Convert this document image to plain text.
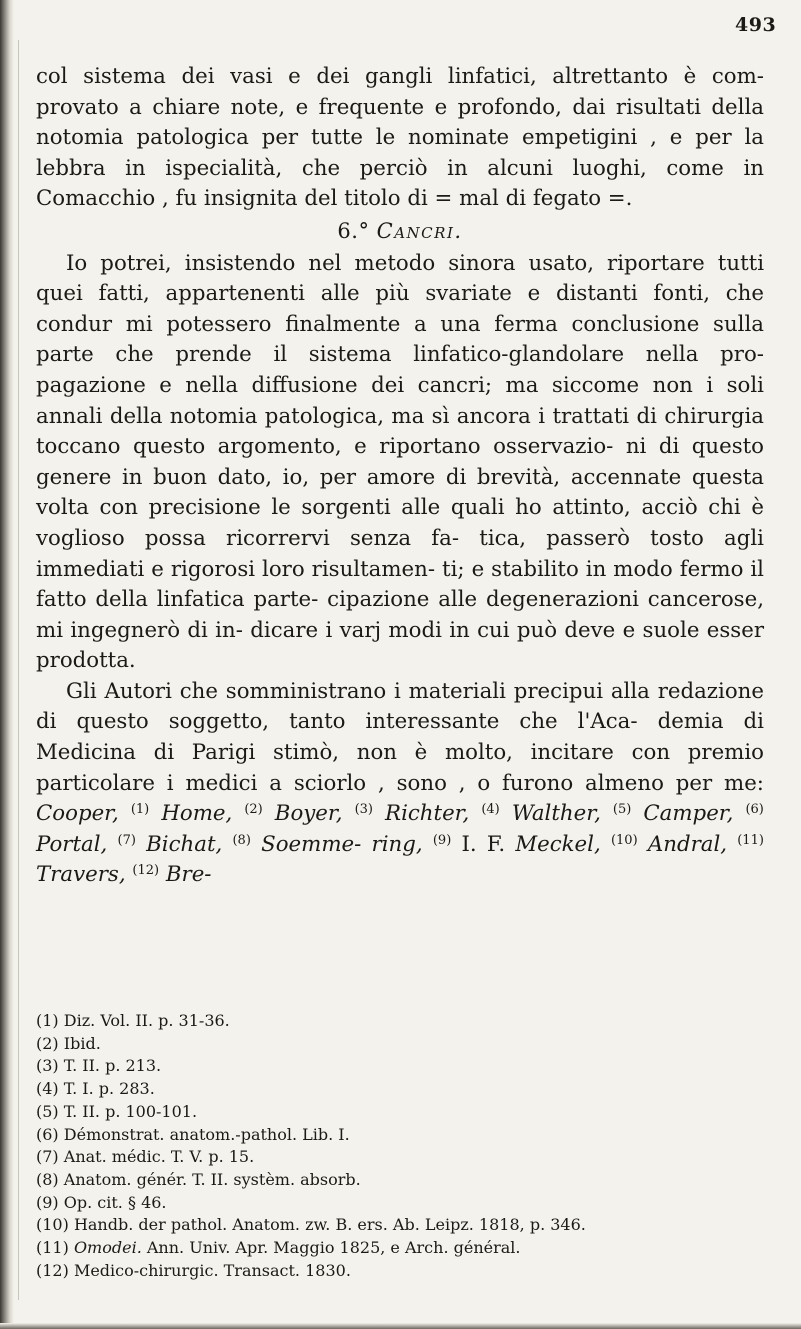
493

col sistema dei vasi e dei gangli linfatici, altrettanto è com- provato a chiare note, e frequente e profondo, dai risultati della notomia patologica per tutte le nominate empetigini , e per la lebbra in ispecialità, che perciò in alcuni luoghi, come in Comacchio , fu insignita del titolo di = mal di fegato =.

6.° Cancri.

Io potrei, insistendo nel metodo sinora usato, riportare tutti quei fatti, appartenenti alle più svariate e distanti fonti, che condur mi potessero finalmente a una ferma conclusione sulla parte che prende il sistema linfatico-glandolare nella pro- pagazione e nella diffusione dei cancri; ma siccome non i soli annali della notomia patologica, ma sì ancora i trattati di chirurgia toccano questo argomento, e riportano osservazio- ni di questo genere in buon dato, io, per amore di brevità, accennate questa volta con precisione le sorgenti alle quali ho attinto, acciò chi è voglioso possa ricorrervi senza fa- tica, passerò tosto agli immediati e rigorosi loro risultamen- ti; e stabilito in modo fermo il fatto della linfatica parte- cipazione alle degenerazioni cancerose, mi ingegnerò di in- dicare i varj modi in cui può deve e suole esser prodotta.

Gli Autori che somministrano i materiali precipui alla redazione di questo soggetto, tanto interessante che l'Aca- demia di Medicina di Parigi stimò, non è molto, incitare con premio particolare i medici a sciorlo , sono , o furono almeno per me: Cooper, $^{(1)}$ Home, $^{(2)}$ Boyer, $^{(3)}$ Richter, $^{(4)}$ Walther, $^{(5)}$ Camper, $^{(6)}$ Portal, $^{(7)}$ Bichat, $^{(8)}$ Soemme- ring, $^{(9)}$ I. F. Meckel, $^{(10)}$ Andral, $^{(11)}$ Travers, $^{(12)}$ Bre-

(1) Diz. Vol. II. p. 31-36.
(2) Ibid.
(3) T. II. p. 213.
(4) T. I. p. 283.
(5) T. II. p. 100-101.
(6) Démonstrat. anatom.-pathol. Lib. I.
(7) Anat. médic. T. V. p. 15.
(8) Anatom. génér. T. II. systèm. absorb.
(9) Op. cit. § 46.
(10) Handb. der pathol. Anatom. zw. B. ers. Ab. Leipz. 1818, p. 346.
(11) Omodei. Ann. Univ. Apr. Maggio 1825, e Arch. général.
(12) Medico-chirurgic. Transact. 1830.
